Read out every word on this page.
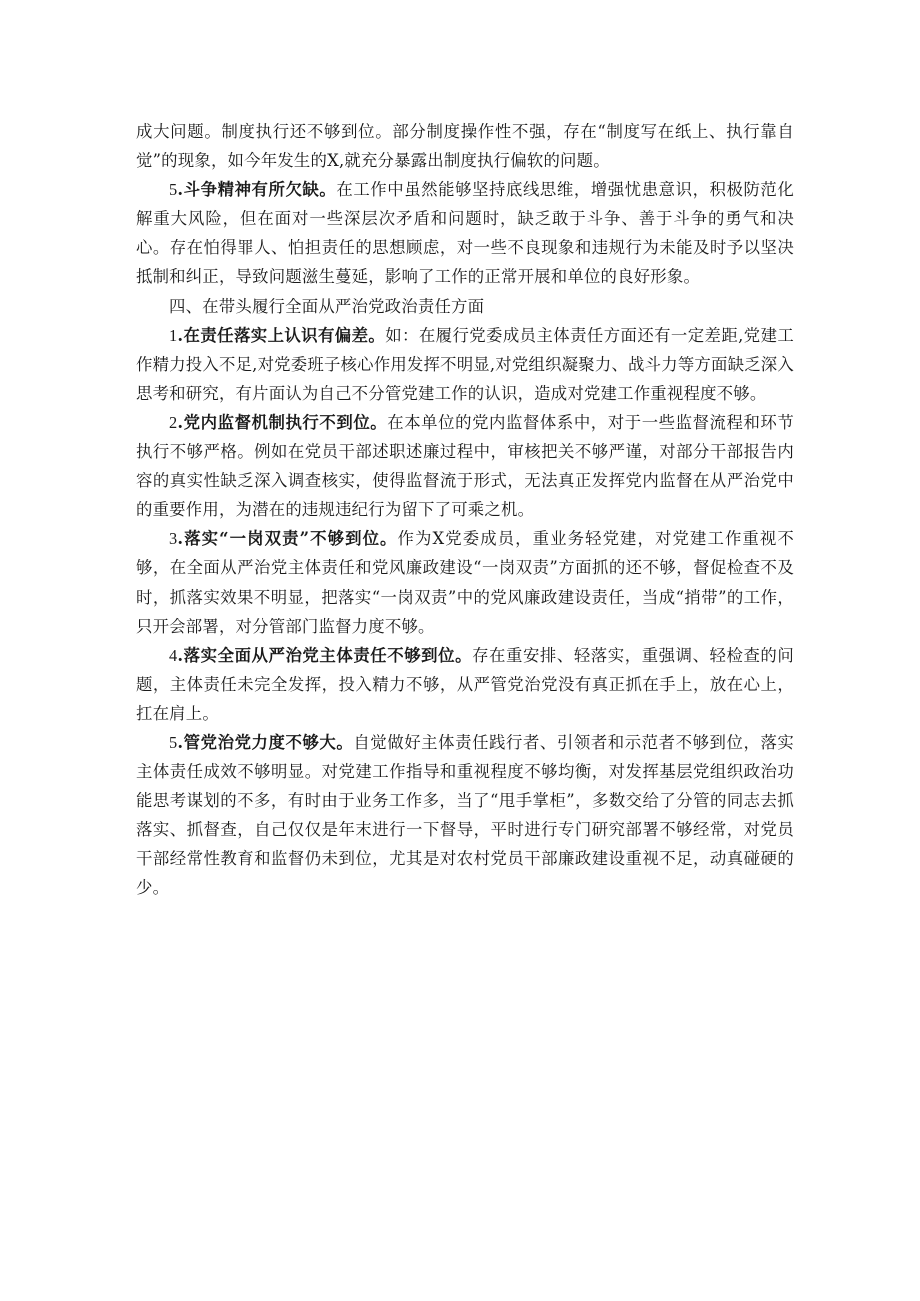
成大问题。制度执行还不够到位。部分制度操作性不强，存在“制度写在纸上、执行靠自觉”的现象，如今年发生的X,就充分暴露出制度执行偏软的问题。

5.斗争精神有所欠缺。在工作中虽然能够坚持底线思维，增强忧患意识，积极防范化解重大风险，但在面对一些深层次矛盾和问题时，缺乏敢于斗争、善于斗争的勇气和决心。存在怕得罪人、怕担责任的思想顾虑，对一些不良现象和违规行为未能及时予以坚决抵制和纠正，导致问题滋生蔓延，影响了工作的正常开展和单位的良好形象。

四、在带头履行全面从严治党政治责任方面

1.在责任落实上认识有偏差。如：在履行党委成员主体责任方面还有一定差距,党建工作精力投入不足,对党委班子核心作用发挥不明显,对党组织凝聚力、战斗力等方面缺乏深入思考和研究，有片面认为自己不分管党建工作的认识，造成对党建工作重视程度不够。

2.党内监督机制执行不到位。在本单位的党内监督体系中，对于一些监督流程和环节执行不够严格。例如在党员干部述职述廉过程中，审核把关不够严谨，对部分干部报告内容的真实性缺乏深入调查核实，使得监督流于形式，无法真正发挥党内监督在从严治党中的重要作用，为潜在的违规违纪行为留下了可乘之机。

3.落实“一岗双责”不够到位。作为X党委成员，重业务轻党建，对党建工作重视不够，在全面从严治党主体责任和党风廉政建设“一岗双责”方面抓的还不够，督促检查不及时，抓落实效果不明显，把落实“一岗双责”中的党风廉政建设责任，当成“捎带”的工作，只开会部署，对分管部门监督力度不够。

4.落实全面从严治党主体责任不够到位。存在重安排、轻落实，重强调、轻检查的问题，主体责任未完全发挥，投入精力不够，从严管党治党没有真正抓在手上，放在心上，扛在肩上。

5.管党治党力度不够大。自觉做好主体责任践行者、引领者和示范者不够到位，落实主体责任成效不够明显。对党建工作指导和重视程度不够均衡，对发挥基层党组织政治功能思考谋划的不多，有时由于业务工作多，当了“甩手掌柜”，多数交给了分管的同志去抓落实、抓督查，自己仅仅是年末进行一下督导，平时进行专门研究部署不够经常，对党员干部经常性教育和监督仍未到位，尤其是对农村党员干部廉政建设重视不足，动真碰硬的少。
